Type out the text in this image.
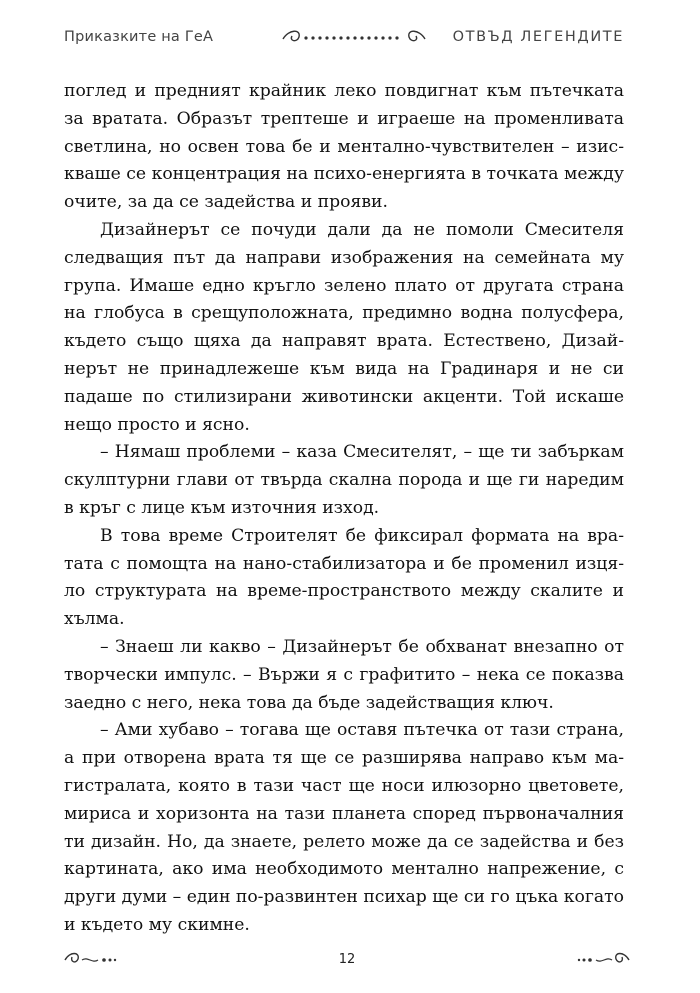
Приказките на ГеА	ОТВЪД ЛЕГЕНДИТЕ

поглед и предният крайник леко повдигнат към пътечката за вратата. Образът трептеше и играеше на променливата светлина, но освен това бе и ментално-чувствителен – изискваше се концентрация на психо-енергията в точката между очите, за да се задейства и прояви.

Дизайнерът се почуди дали да не помоли Смесителя следващия път да направи изображения на семейната му група. Имаше едно кръгло зелено плато от другата страна на глобуса в срещуположната, предимно водна полусфера, където също щяха да направят врата. Естествено, Дизайнерът не принадлежеше към вида на Градинаря и не си падаше по стилизирани животински акценти. Той искаше нещо просто и ясно.

– Нямаш проблеми – каза Смесителят, – ще ти забъркам скулптурни глави от твърда скална порода и ще ги наредим в кръг с лице към източния изход.

В това време Строителят бе фиксирал формата на вратата с помощта на нано-стабилизатора и бе променил изцяло структурата на време-пространството между скалите и хълма.

– Знаеш ли какво – Дизайнерът бе обхванат внезапно от творчески импулс. – Вържи я с графитито – нека се показва заедно с него, нека това да бъде задействащия ключ.

– Ами хубаво – тогава ще оставя пътечка от тази страна, а при отворена врата тя ще се разширява направо към магистралата, която в тази част ще носи илюзорно цветовете, мириса и хоризонта на тази планета според първоначалния ти дизайн. Но, да знаете, релето може да се задейства и без картината, ако има необходимото ментално напрежение, с други думи – един по-развинтен психар ще си го цъка когато и където му скимне.

12
